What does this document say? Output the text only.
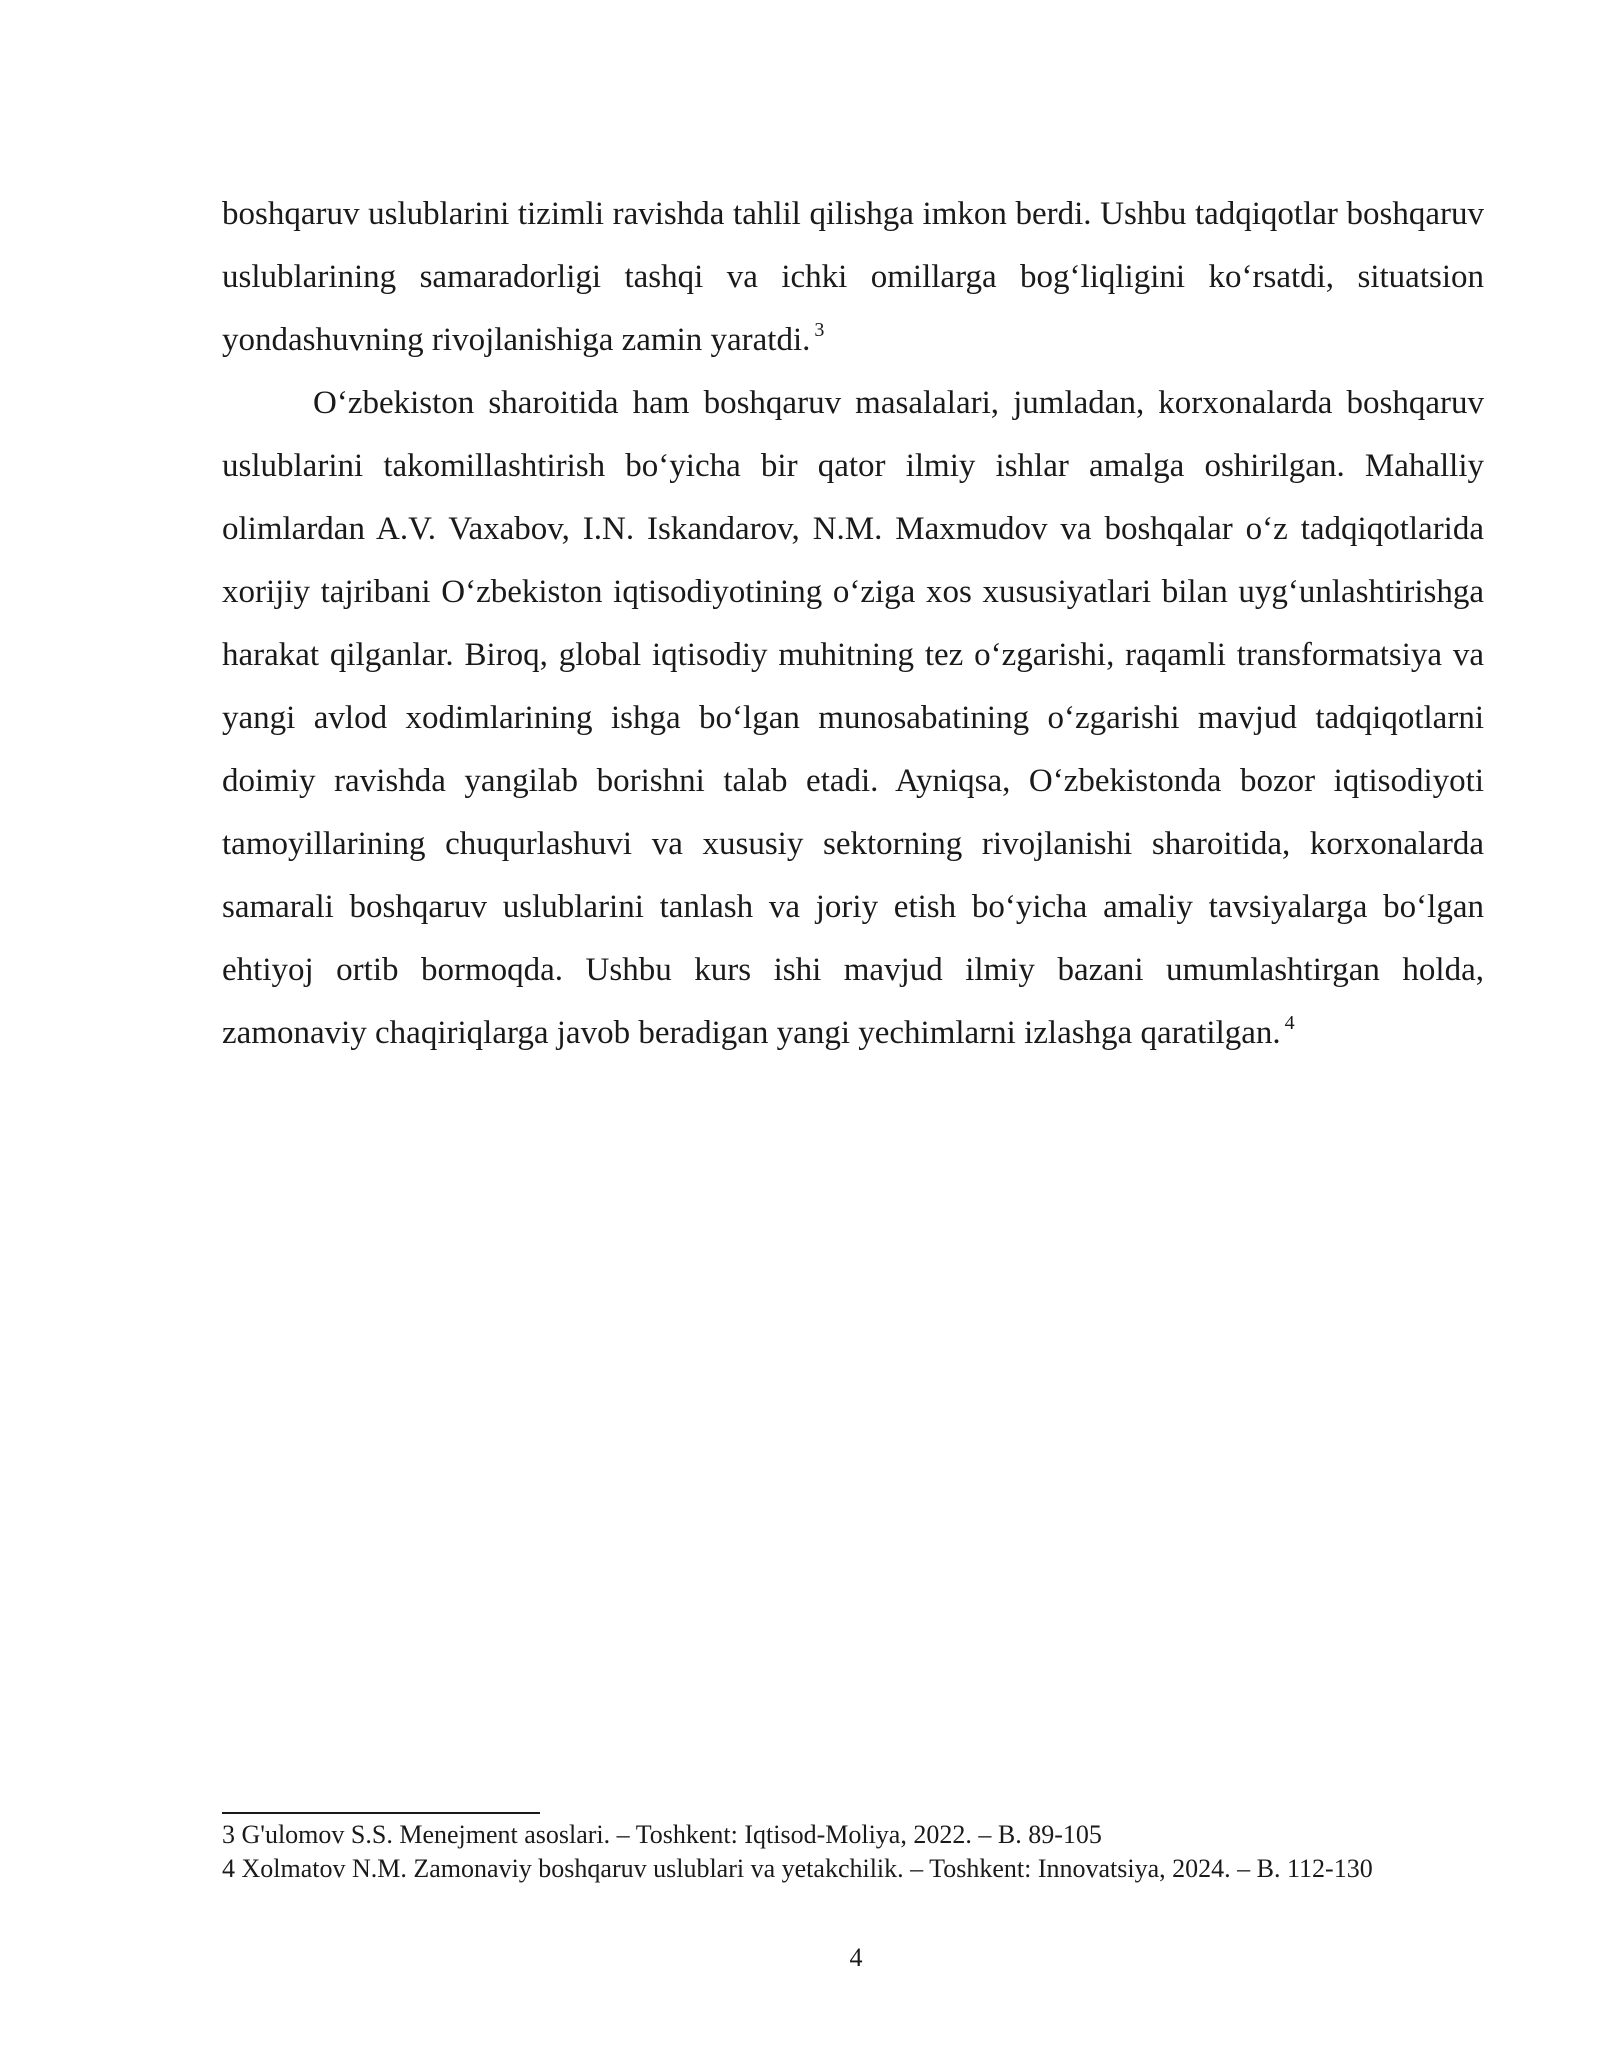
boshqaruv uslublarini tizimli ravishda tahlil qilishga imkon berdi. Ushbu tadqiqotlar boshqaruv uslublarining samaradorligi tashqi va ichki omillarga bog‘liqligini ko‘rsatdi, situatsion yondashuvning rivojlanishiga zamin yaratdi. $^3$

O‘zbekiston sharoitida ham boshqaruv masalalari, jumladan, korxonalarda boshqaruv uslublarini takomillashtirish bo‘yicha bir qator ilmiy ishlar amalga oshirilgan. Mahalliy olimlardan A.V. Vaxabov, I.N. Iskandarov, N.M. Maxmudov va boshqalar o‘z tadqiqotlarida xorijiy tajribani O‘zbekiston iqtisodiyotining o‘ziga xos xususiyatlari bilan uyg‘unlashtirishga harakat qilganlar. Biroq, global iqtisodiy muhitning tez o‘zgarishi, raqamli transformatsiya va yangi avlod xodimlarining ishga bo‘lgan munosabatining o‘zgarishi mavjud tadqiqotlarni doimiy ravishda yangilab borishni talab etadi. Ayniqsa, O‘zbekistonda bozor iqtisodiyoti tamoyillarining chuqurlashuvi va xususiy sektorning rivojlanishi sharoitida, korxonalarda samarali boshqaruv uslublarini tanlash va joriy etish bo‘yicha amaliy tavsiyalarga bo‘lgan ehtiyoj ortib bormoqda. Ushbu kurs ishi mavjud ilmiy bazani umumlashtirgan holda, zamonaviy chaqiriqlarga javob beradigan yangi yechimlarni izlashga qaratilgan. $^4$

3 G'ulomov S.S. Menejment asoslari. – Toshkent: Iqtisod-Moliya, 2022. – B. 89-105

4 Xolmatov N.M. Zamonaviy boshqaruv uslublari va yetakchilik. – Toshkent: Innovatsiya, 2024. – B. 112-130

4
